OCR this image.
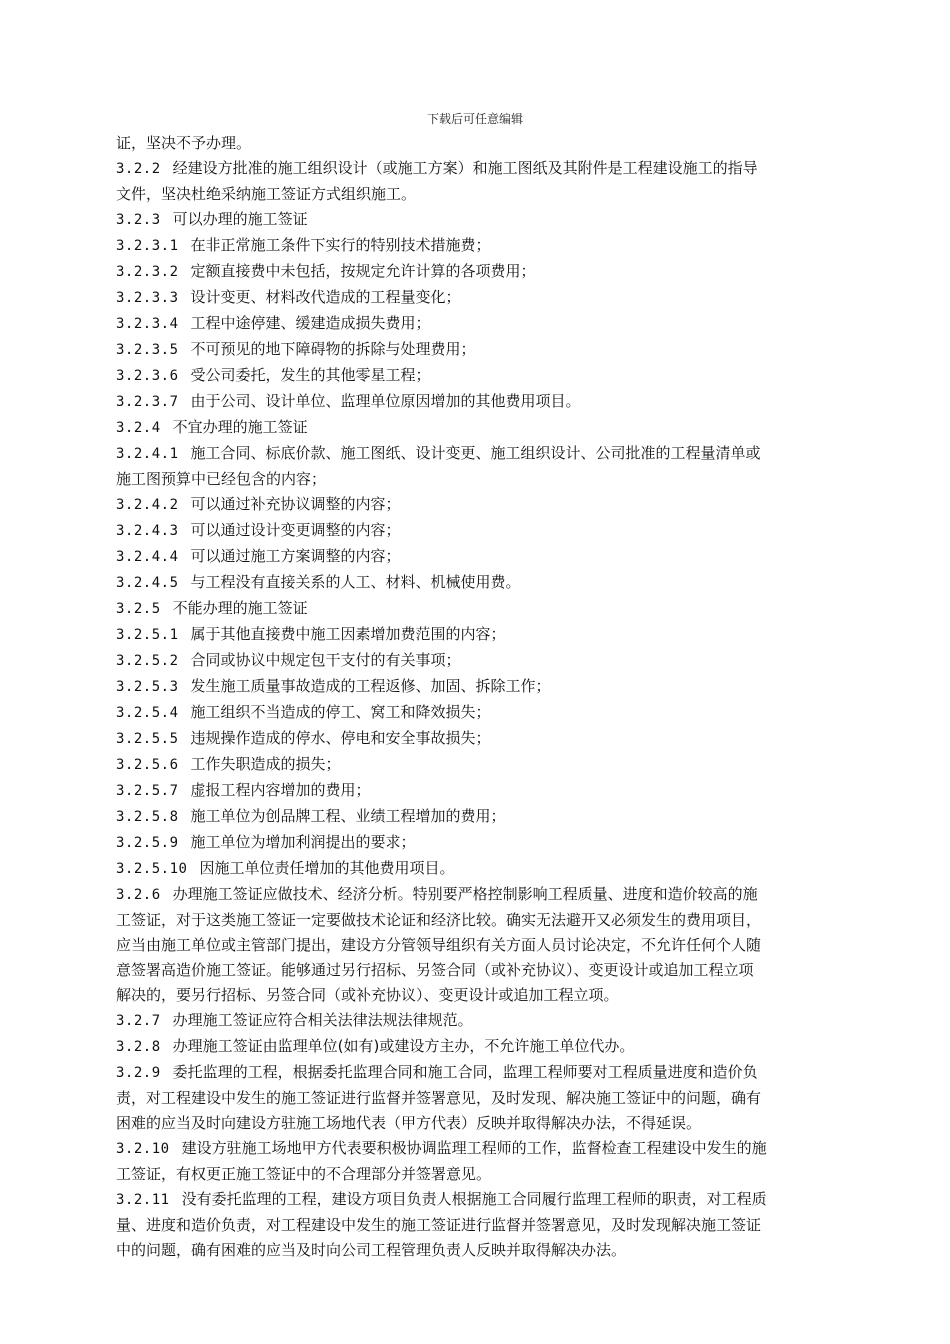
下载后可任意编辑

证，坚决不予办理。

3.2.2 经建设方批准的施工组织设计（或施工方案）和施工图纸及其附件是工程建设施工的指导

文件，坚决杜绝采纳施工签证方式组织施工。

3.2.3 可以办理的施工签证

3.2.3.1 在非正常施工条件下实行的特别技术措施费；

3.2.3.2 定额直接费中未包括，按规定允许计算的各项费用；

3.2.3.3 设计变更、材料改代造成的工程量变化；

3.2.3.4 工程中途停建、缓建造成损失费用；

3.2.3.5 不可预见的地下障碍物的拆除与处理费用；

3.2.3.6 受公司委托，发生的其他零星工程；

3.2.3.7 由于公司、设计单位、监理单位原因增加的其他费用项目。

3.2.4 不宜办理的施工签证

3.2.4.1 施工合同、标底价款、施工图纸、设计变更、施工组织设计、公司批准的工程量清单或

施工图预算中已经包含的内容；

3.2.4.2 可以通过补充协议调整的内容；

3.2.4.3 可以通过设计变更调整的内容；

3.2.4.4 可以通过施工方案调整的内容；

3.2.4.5 与工程没有直接关系的人工、材料、机械使用费。

3.2.5 不能办理的施工签证

3.2.5.1 属于其他直接费中施工因素增加费范围的内容；

3.2.5.2 合同或协议中规定包干支付的有关事项；

3.2.5.3 发生施工质量事故造成的工程返修、加固、拆除工作；

3.2.5.4 施工组织不当造成的停工、窝工和降效损失；

3.2.5.5 违规操作造成的停水、停电和安全事故损失；

3.2.5.6 工作失职造成的损失；

3.2.5.7 虚报工程内容增加的费用；

3.2.5.8 施工单位为创品牌工程、业绩工程增加的费用；

3.2.5.9 施工单位为增加利润提出的要求；

3.2.5.10 因施工单位责任增加的其他费用项目。

3.2.6 办理施工签证应做技术、经济分析。特别要严格控制影响工程质量、进度和造价较高的施

工签证，对于这类施工签证一定要做技术论证和经济比较。确实无法避开又必须发生的费用项目，

应当由施工单位或主管部门提出，建设方分管领导组织有关方面人员讨论决定，不允许任何个人随

意签署高造价施工签证。能够通过另行招标、另签合同（或补充协议）、变更设计或追加工程立项

解决的，要另行招标、另签合同（或补充协议）、变更设计或追加工程立项。

3.2.7 办理施工签证应符合相关法律法规法律规范。

3.2.8 办理施工签证由监理单位(如有)或建设方主办，不允许施工单位代办。

3.2.9 委托监理的工程，根据委托监理合同和施工合同，监理工程师要对工程质量进度和造价负

责，对工程建设中发生的施工签证进行监督并签署意见，及时发现、解决施工签证中的问题，确有

困难的应当及时向建设方驻施工场地代表（甲方代表）反映并取得解决办法，不得延误。

3.2.10 建设方驻施工场地甲方代表要积极协调监理工程师的工作，监督检查工程建设中发生的施

工签证，有权更正施工签证中的不合理部分并签署意见。

3.2.11 没有委托监理的工程，建设方项目负责人根据施工合同履行监理工程师的职责，对工程质

量、进度和造价负责，对工程建设中发生的施工签证进行监督并签署意见，及时发现解决施工签证

中的问题，确有困难的应当及时向公司工程管理负责人反映并取得解决办法。
